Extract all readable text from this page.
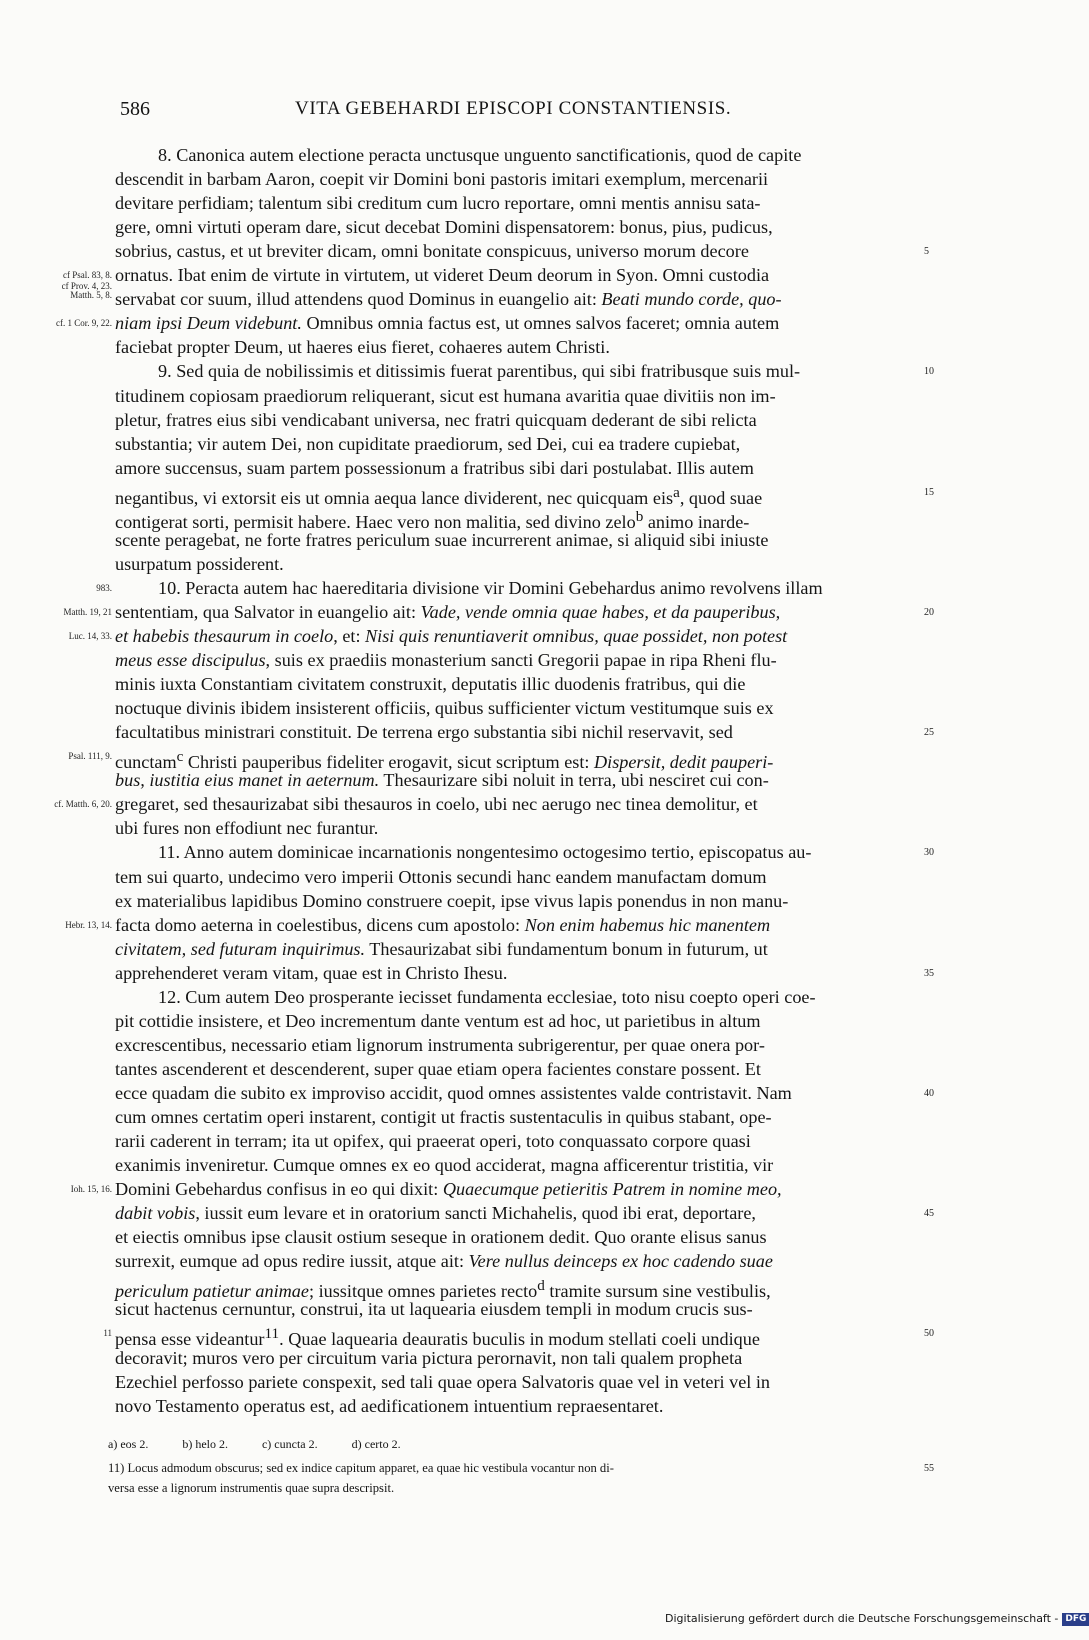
586	VITA GEBEHARDI EPISCOPI CONSTANTIENSIS.
8. Canonica autem electione peracta unctusque unguento sanctificationis, quod de capite
descendit in barbam Aaron, coepit vir Domini boni pastoris imitari exemplum, mercenarii
devitare perfidiam; talentum sibi creditum cum lucro reportare, omni mentis annisu sata-
gere, omni virtuti operam dare, sicut decebat Domini dispensatorem: bonus, pius, pudicus,
sobrius, castus, et ut breviter dicam, omni bonitate conspicuus, universo morum decore	5
ornatus. Ibat enim de virtute in virtutem, ut videret Deum deorum in Syon. Omni custodia
cf Psal. 83, 8.
servabat cor suum, illud attendens quod Dominus in euangelio ait: Beati mundo corde, quo-
cf Prov. 4, 23.
Matth. 5, 8.
niam ipsi Deum videbunt. Omnibus omnia factus est, ut omnes salvos faceret; omnia autem
cf. 1 Cor. 9, 22.
faciebat propter Deum, ut haeres eius fieret, cohaeres autem Christi.
9. Sed quia de nobilissimis et ditissimis fuerat parentibus, qui sibi fratribusque suis mul-	10
titudinem copiosam praediorum reliquerant, sicut est humana avaritia quae divitiis non im-
pletur, fratres eius sibi vendicabant universa, nec fratri quicquam dederant de sibi relicta
substantia; vir autem Dei, non cupiditate praediorum, sed Dei, cui ea tradere cupiebat,
amore succensus, suam partem possessionum a fratribus sibi dari postulabat. Illis autem
negantibus, vi extorsit eis ut omnia aequa lance dividerent, nec quicquam eis$^a$, quod suae	15
contigerat sorti, permisit habere. Haec vero non malitia, sed divino zelo$^b$ animo inarde-
scente peragebat, ne forte fratres periculum suae incurrerent animae, si aliquid sibi iniuste
usurpatum possiderent.
10. Peracta autem hac haereditaria divisione vir Domini Gebehardus animo revolvens illam
983.
sententiam, qua Salvator in euangelio ait: Vade, vende omnia quae habes, et da pauperibus,
Matth. 19, 21	20
et habebis thesaurum in coelo, et: Nisi quis renuntiaverit omnibus, quae possidet, non potest
Luc. 14, 33.
meus esse discipulus, suis ex praediis monasterium sancti Gregorii papae in ripa Rheni flu-
minis iuxta Constantiam civitatem construxit, deputatis illic duodenis fratribus, qui die
noctuque divinis ibidem insisterent officiis, quibus sufficienter victum vestitumque suis ex
facultatibus ministrari constituit. De terrena ergo substantia sibi nichil reservavit, sed	25
cunctam$^c$ Christi pauperibus fideliter erogavit, sicut scriptum est: Dispersit, dedit pauperi-
Psal. 111, 9.
bus, iustitia eius manet in aeternum. Thesaurizare sibi noluit in terra, ubi nesciret cui con-
gregaret, sed thesaurizabat sibi thesauros in coelo, ubi nec aerugo nec tinea demolitur, et
cf. Matth. 6, 20.
ubi fures non effodiunt nec furantur.
11. Anno autem dominicae incarnationis nongentesimo octogesimo tertio, episcopatus au-	30
tem sui quarto, undecimo vero imperii Ottonis secundi hanc eandem manufactam domum
ex materialibus lapidibus Domino construere coepit, ipse vivus lapis ponendus in non manu-
facta domo aeterna in coelestibus, dicens cum apostolo: Non enim habemus hic manentem
Hebr. 13, 14.
civitatem, sed futuram inquirimus. Thesaurizabat sibi fundamentum bonum in futurum, ut
apprehenderet veram vitam, quae est in Christo Ihesu.	35
12. Cum autem Deo prosperante iecisset fundamenta ecclesiae, toto nisu coepto operi coe-
pit cottidie insistere, et Deo incrementum dante ventum est ad hoc, ut parietibus in altum
excrescentibus, necessario etiam lignorum instrumenta subrigerentur, per quae onera por-
tantes ascenderent et descenderent, super quae etiam opera facientes constare possent. Et
ecce quadam die subito ex improviso accidit, quod omnes assistentes valde contristavit. Nam	40
cum omnes certatim operi instarent, contigit ut fractis sustentaculis in quibus stabant, ope-
rarii caderent in terram; ita ut opifex, qui praeerat operi, toto conquassato corpore quasi
exanimis inveniretur. Cumque omnes ex eo quod acciderat, magna afficerentur tristitia, vir
Domini Gebehardus confisus in eo qui dixit: Quaecumque petieritis Patrem in nomine meo,
Ioh. 15, 16.
dabit vobis, iussit eum levare et in oratorium sancti Michahelis, quod ibi erat, deportare,	45
et eiectis omnibus ipse clausit ostium seseque in orationem dedit. Quo orante elisus sanus
surrexit, eumque ad opus redire iussit, atque ait: Vere nullus deinceps ex hoc cadendo suae
periculum patietur animae; iussitque omnes parietes recto$^d$ tramite sursum sine vestibulis,
sicut hactenus cernuntur, construi, ita ut laquearia eiusdem templi in modum crucis sus-
pensa esse videantur$^{11}$. Quae laquearia deauratis buculis in modum stellati coeli undique
11	50
decoravit; muros vero per circuitum varia pictura perornavit, non tali qualem propheta
Ezechiel perfosso pariete conspexit, sed tali quae opera Salvatoris quae vel in veteri vel in
novo Testamento operatus est, ad aedificationem intuentium repraesentaret.
a) eos 2.	b) helo 2.	c) cuncta 2.	d) certo 2.
11) Locus admodum obscurus; sed ex indice capitum apparet, ea quae hic vestibula vocantur non di-	55
versa esse a lignorum instrumentis quae supra descripsit.
Digitalisierung gefördert durch die Deutsche Forschungsgemeinschaft - DFG
